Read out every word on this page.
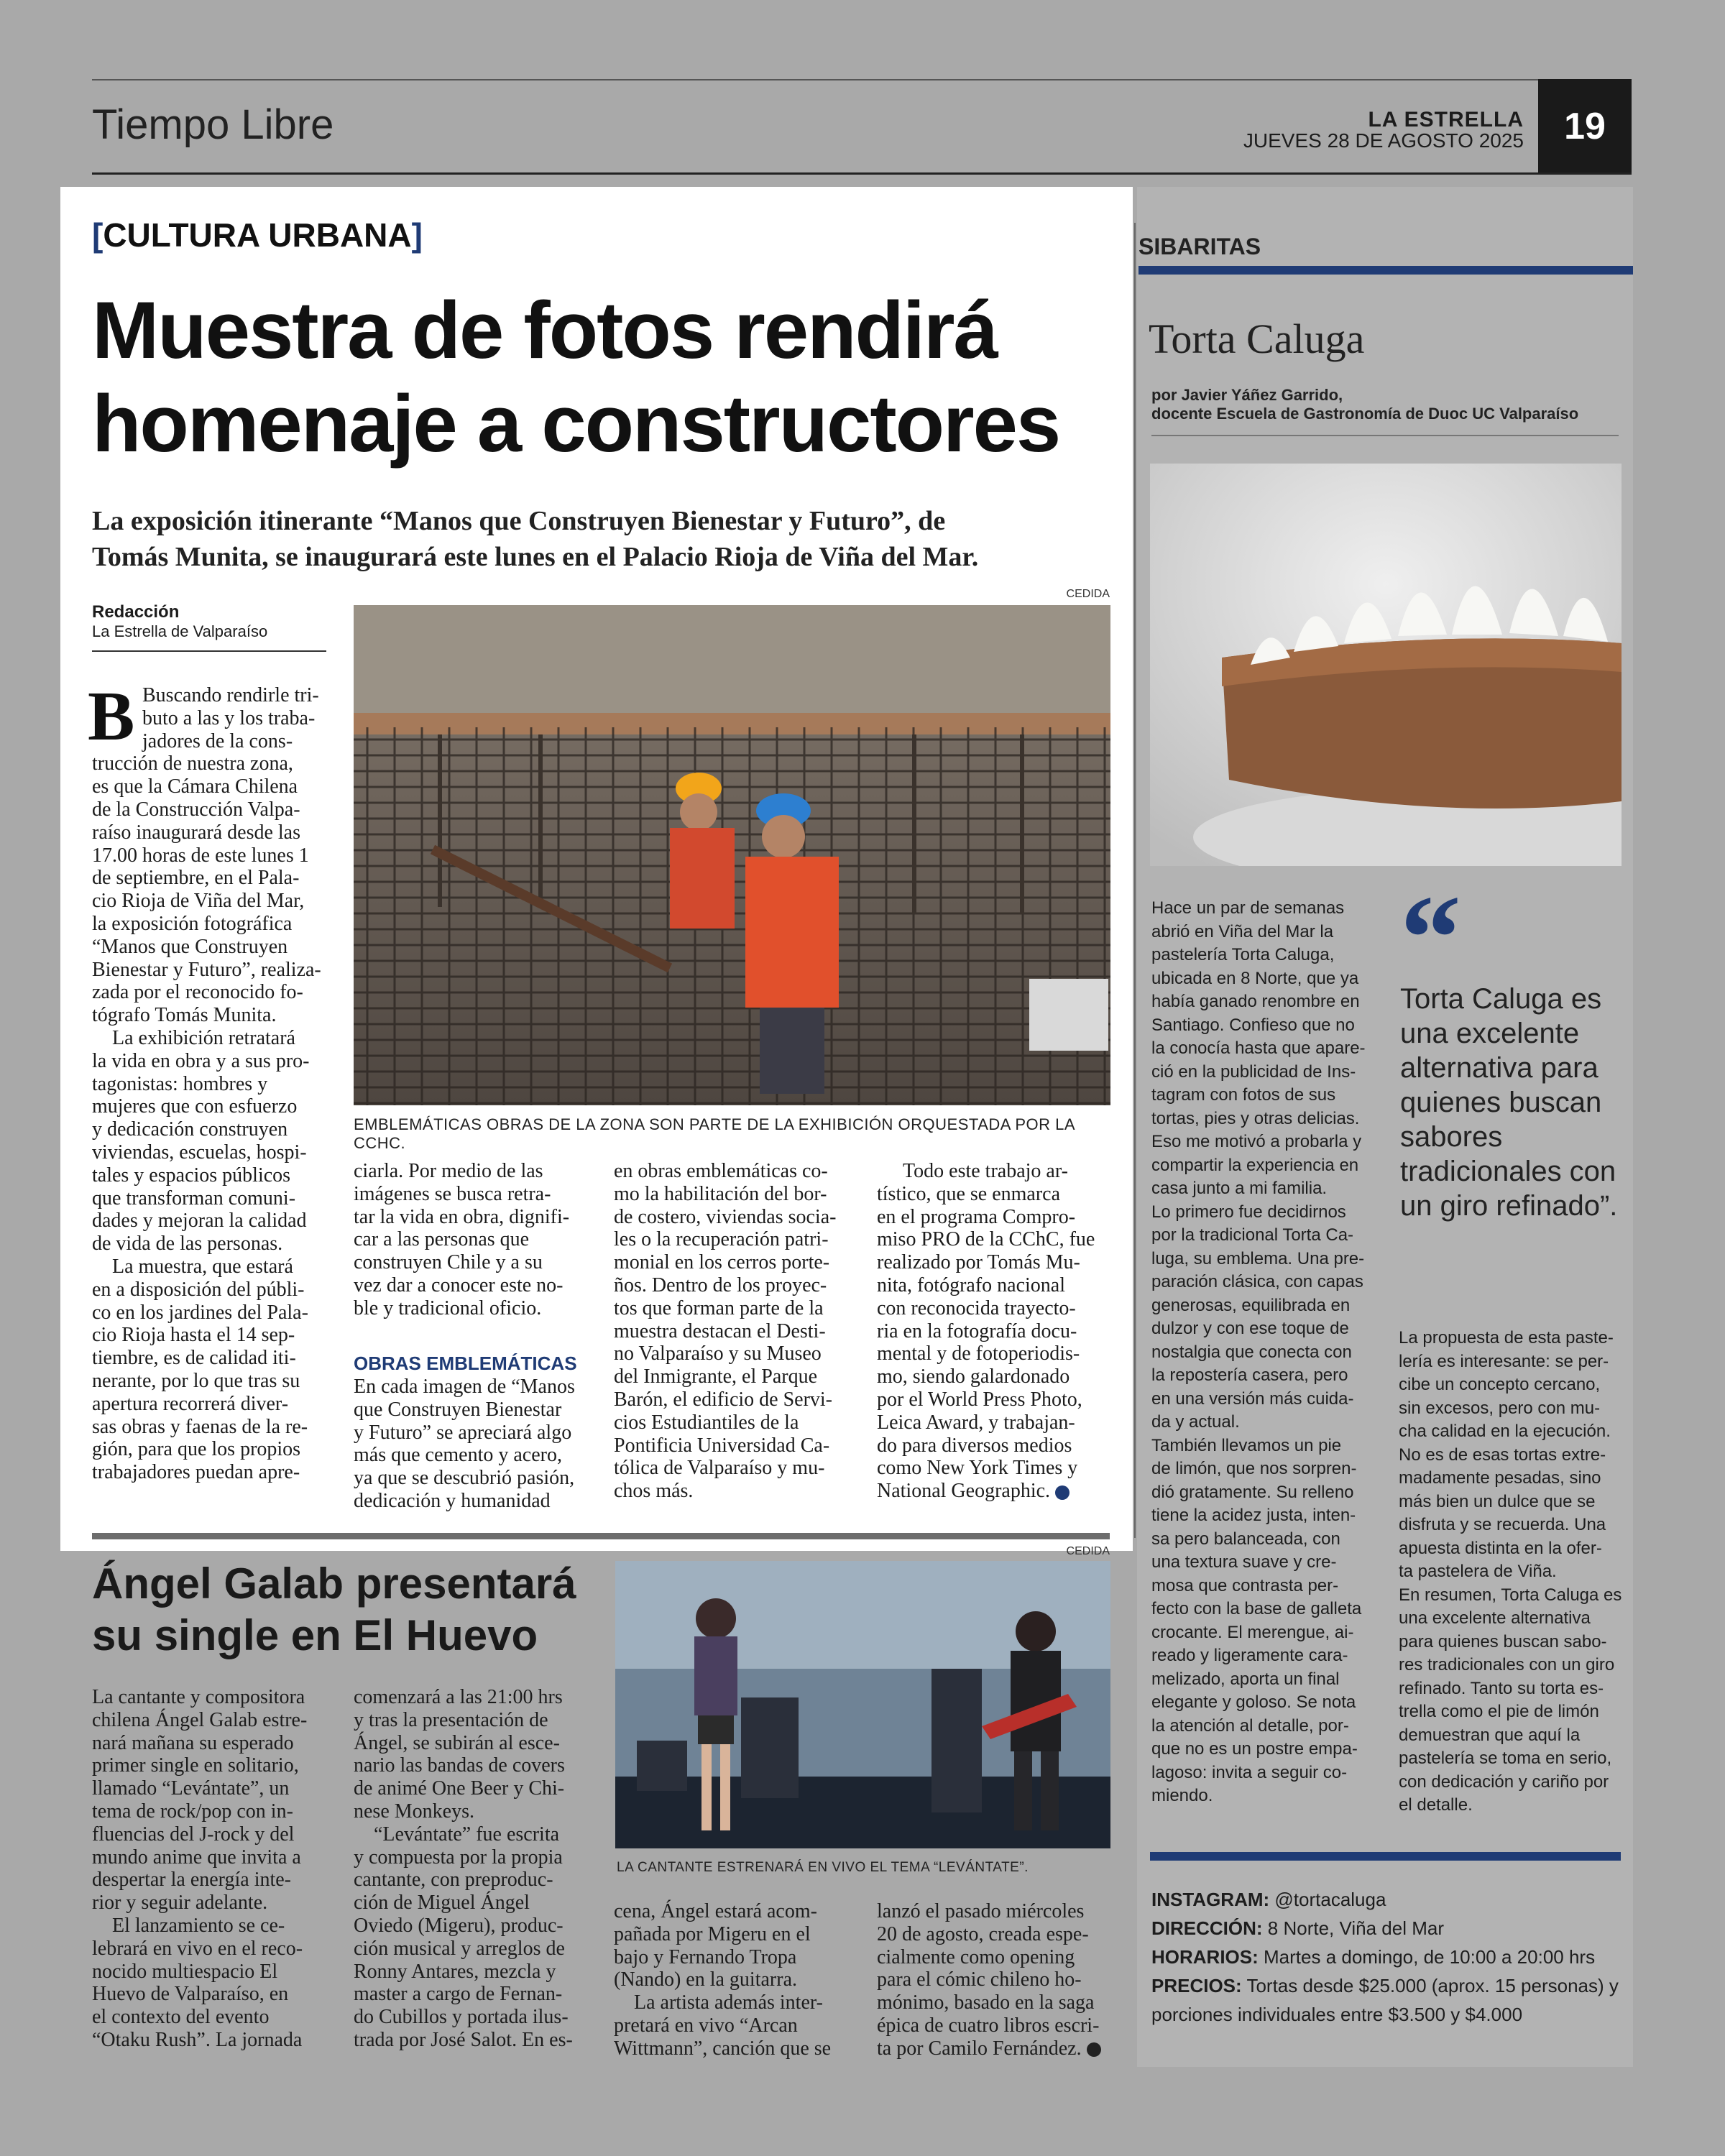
Tiempo Libre	LA ESTRELLA
JUEVES 28 DE AGOSTO 2025	19
[CULTURA URBANA]
Muestra de fotos rendirá
homenaje a constructores
La exposición itinerante “Manos que Construyen Bienestar y Futuro”, de
Tomás Munita, se inaugurará este lunes en el Palacio Rioja de Viña del Mar.
Redacción
La Estrella de Valparaíso
CEDIDA
EMBLEMÁTICAS OBRAS DE LA ZONA SON PARTE DE LA EXHIBICIÓN ORQUESTADA POR LA CCHC.
B Buscando rendirle tri-
buto a las y los traba-
jadores de la cons-
trucción de nuestra zona,
es que la Cámara Chilena
de la Construcción Valpa-
raíso inaugurará desde las
17.00 horas de este lunes 1
de septiembre, en el Pala-
cio Rioja de Viña del Mar,
la exposición fotográfica
“Manos que Construyen
Bienestar y Futuro”, realiza-
zada por el reconocido fo-
tógrafo Tomás Munita.
La exhibición retratará
la vida en obra y a sus pro-
tagonistas: hombres y
mujeres que con esfuerzo
y dedicación construyen
viviendas, escuelas, hospi-
tales y espacios públicos
que transforman comuni-
dades y mejoran la calidad
de vida de las personas.
La muestra, que estará
en a disposición del públi-
co en los jardines del Pala-
cio Rioja hasta el 14 sep-
tiembre, es de calidad iti-
nerante, por lo que tras su
apertura recorrerá diver-
sas obras y faenas de la re-
gión, para que los propios
trabajadores puedan apre-
ciarla. Por medio de las
imágenes se busca retra-
tar la vida en obra, dignifi-
car a las personas que
construyen Chile y a su
vez dar a conocer este no-
ble y tradicional oficio.
OBRAS EMBLEMÁTICAS
En cada imagen de “Manos
que Construyen Bienestar
y Futuro” se apreciará algo
más que cemento y acero,
ya que se descubrió pasión,
dedicación y humanidad
en obras emblemáticas co-
mo la habilitación del bor-
de costero, viviendas socia-
les o la recuperación patri-
monial en los cerros porte-
ños. Dentro de los proyec-
tos que forman parte de la
muestra destacan el Desti-
no Valparaíso y su Museo
del Inmigrante, el Parque
Barón, el edificio de Servi-
cios Estudiantiles de la
Pontificia Universidad Ca-
tólica de Valparaíso y mu-
chos más.
Todo este trabajo ar-
tístico, que se enmarca
en el programa Compro-
miso PRO de la CChC, fue
realizado por Tomás Mu-
nita, fotógrafo nacional
con reconocida trayecto-
ria en la fotografía docu-
mental y de fotoperiodis-
mo, siendo galardonado
por el World Press Photo,
Leica Award, y trabajan-
do para diversos medios
como New York Times y
National Geographic.
SIBARITAS
Torta Caluga
por Javier Yáñez Garrido,
docente Escuela de Gastronomía de Duoc UC Valparaíso
Hace un par de semanas
abrió en Viña del Mar la
pastelería Torta Caluga,
ubicada en 8 Norte, que ya
había ganado renombre en
Santiago. Confieso que no
la conocía hasta que apare-
ció en la publicidad de Ins-
tagram con fotos de sus
tortas, pies y otras delicias.
Eso me motivó a probarla y
compartir la experiencia en
casa junto a mi familia.
Lo primero fue decidirnos
por la tradicional Torta Ca-
luga, su emblema. Una pre-
paración clásica, con capas
generosas, equilibrada en
dulzor y con ese toque de
nostalgia que conecta con
la repostería casera, pero
en una versión más cuida-
da y actual.
También llevamos un pie
de limón, que nos sorpren-
dió gratamente. Su relleno
tiene la acidez justa, inten-
sa pero balanceada, con
una textura suave y cre-
mosa que contrasta per-
fecto con la base de galleta
crocante. El merengue, ai-
reado y ligeramente cara-
melizado, aporta un final
elegante y goloso. Se nota
la atención al detalle, por-
que no es un postre empa-
lagoso: invita a seguir co-
miendo.
“
Torta Caluga es una excelente alternativa para quienes buscan sabores tradicionales con un giro refinado”.
La propuesta de esta paste-
lería es interesante: se per-
cibe un concepto cercano,
sin excesos, pero con mu-
cha calidad en la ejecución.
No es de esas tortas extre-
madamente pesadas, sino
más bien un dulce que se
disfruta y se recuerda. Una
apuesta distinta en la ofer-
ta pastelera de Viña.
En resumen, Torta Caluga es
una excelente alternativa
para quienes buscan sabo-
res tradicionales con un giro
refinado. Tanto su torta es-
trella como el pie de limón
demuestran que aquí la
pastelería se toma en serio,
con dedicación y cariño por
el detalle.
INSTAGRAM: @tortacaluga
DIRECCIÓN: 8 Norte, Viña del Mar
HORARIOS: Martes a domingo, de 10:00 a 20:00 hrs
PRECIOS: Tortas desde $25.000 (aprox. 15 personas) y
porciones individuales entre $3.500 y $4.000
Ángel Galab presentará
su single en El Huevo
CEDIDA
LA CANTANTE ESTRENARÁ EN VIVO EL TEMA “LEVÁNTATE”.
La cantante y compositora
chilena Ángel Galab estre-
nará mañana su esperado
primer single en solitario,
llamado “Levántate”, un
tema de rock/pop con in-
fluencias del J-rock y del
mundo anime que invita a
despertar la energía inte-
rior y seguir adelante.
El lanzamiento se ce-
lebrará en vivo en el reco-
nocido multiespacio El
Huevo de Valparaíso, en
el contexto del evento
“Otaku Rush”. La jornada
comenzará a las 21:00 hrs
y tras la presentación de
Ángel, se subirán al esce-
nario las bandas de covers
de animé One Beer y Chi-
nese Monkeys.
“Levántate” fue escrita
y compuesta por la propia
cantante, con preproduc-
ción de Miguel Ángel
Oviedo (Migeru), produc-
ción musical y arreglos de
Ronny Antares, mezcla y
master a cargo de Fernan-
do Cubillos y portada ilus-
trada por José Salot. En es-
cena, Ángel estará acom-
pañada por Migeru en el
bajo y Fernando Tropa
(Nando) en la guitarra.
La artista además inter-
pretará en vivo “Arcan
Wittmann”, canción que se
lanzó el pasado miércoles
20 de agosto, creada espe-
cialmente como opening
para el cómic chileno ho-
mónimo, basado en la saga
épica de cuatro libros escri-
ta por Camilo Fernández.
